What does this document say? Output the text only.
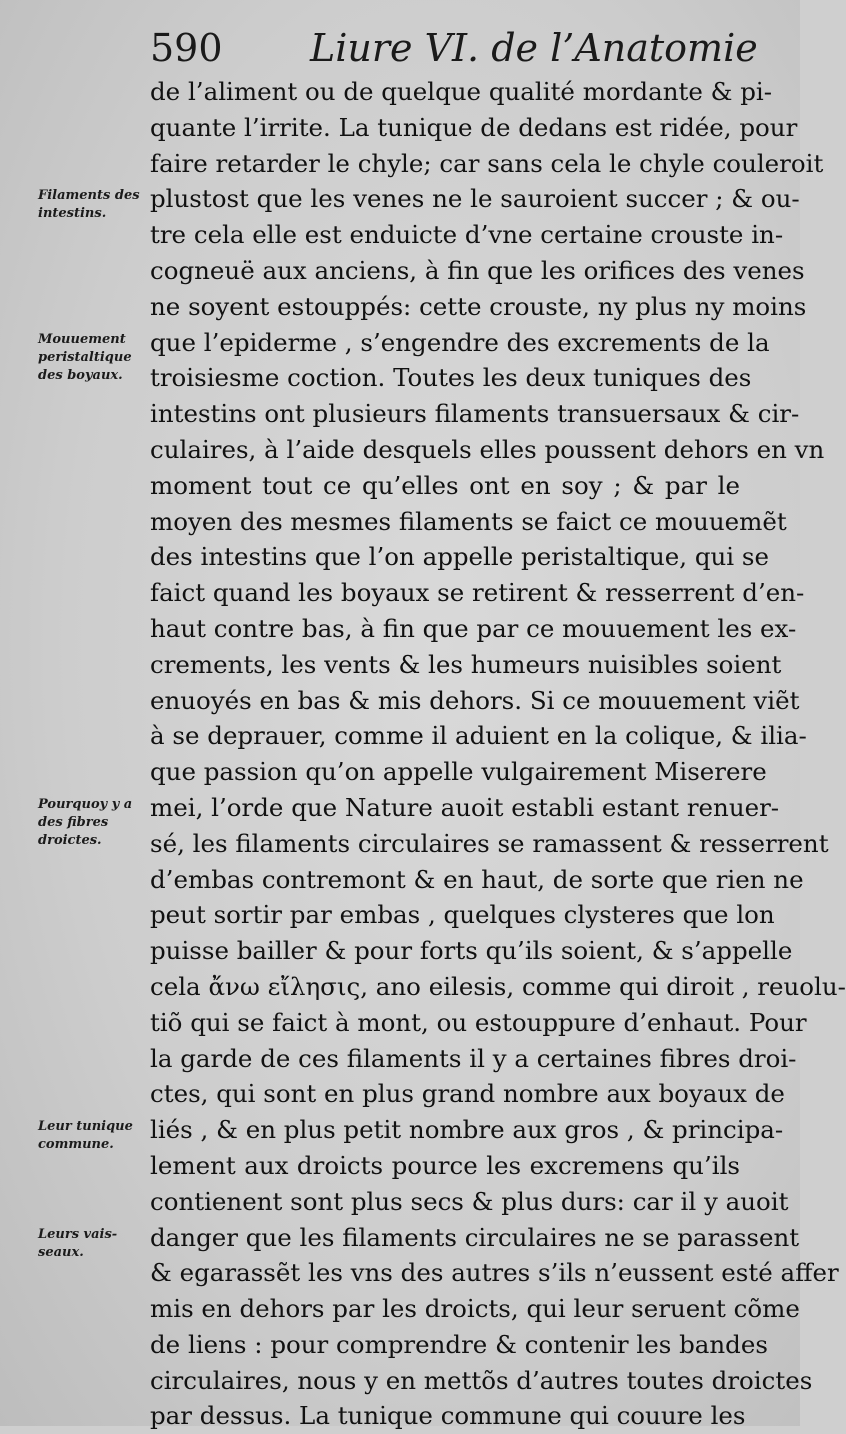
590 Liure VI. de l’Anatomie
de l’aliment ou de quelque qualité mordante & pi-
quante l’irrite. La tunique de dedans est ridée, pour
faire retarder le chyle; car sans cela le chyle couleroit
plustost que les venes ne le sauroient succer ; & ou-
tre cela elle est enduicte d’vne certaine crouste in-
cogneuë aux anciens, à fin que les orifices des venes
ne soyent estouppés: cette crouste, ny plus ny moins
que l’epiderme , s’engendre des excrements de la
troisiesme coction. Toutes les deux tuniques des
intestins ont plusieurs filaments transuersaux & cir-
culaires, à l’aide desquels elles poussent dehors en vn
moment tout ce qu’elles ont en soy ; & par le
moyen des mesmes filaments se faict ce mouuemẽt
des intestins que l’on appelle peristaltique, qui se
faict quand les boyaux se retirent & resserrent d’en-
haut contre bas, à fin que par ce mouuement les ex-
crements, les vents & les humeurs nuisibles soient
enuoyés en bas & mis dehors. Si ce mouuement viẽt
à se deprauer, comme il aduient en la colique, & ilia-
que passion qu’on appelle vulgairement Miserere
mei, l’orde que Nature auoit establi estant renuer-
sé, les filaments circulaires se ramassent & resserrent
d’embas contremont & en haut, de sorte que rien ne
peut sortir par embas , quelques clysteres que lon
puisse bailler & pour forts qu’ils soient, & s’appelle
cela ἄνω εἴλησις, ano eilesis, comme qui diroit , reuolu-
tiõ qui se faict à mont, ou estouppure d’enhaut. Pour
la garde de ces filaments il y a certaines fibres droi-
ctes, qui sont en plus grand nombre aux boyaux de
liés , & en plus petit nombre aux gros , & principa-
lement aux droicts pource les excremens qu’ils
contienent sont plus secs & plus durs: car il y auoit
danger que les filaments circulaires ne se parassent
& egarassẽt les vns des autres s’ils n’eussent esté affer
mis en dehors par les droicts, qui leur seruent cõme
de liens : pour comprendre & contenir les bandes
circulaires, nous y en mettõs d’autres toutes droictes
par dessus. La tunique commune qui couure les
Filaments des
intestins.
Mouuement
peristaltique
des boyaux.
Pourquoy y a
des fibres
droictes.
Leur tunique
commune.
Leurs vais-
seaux.
